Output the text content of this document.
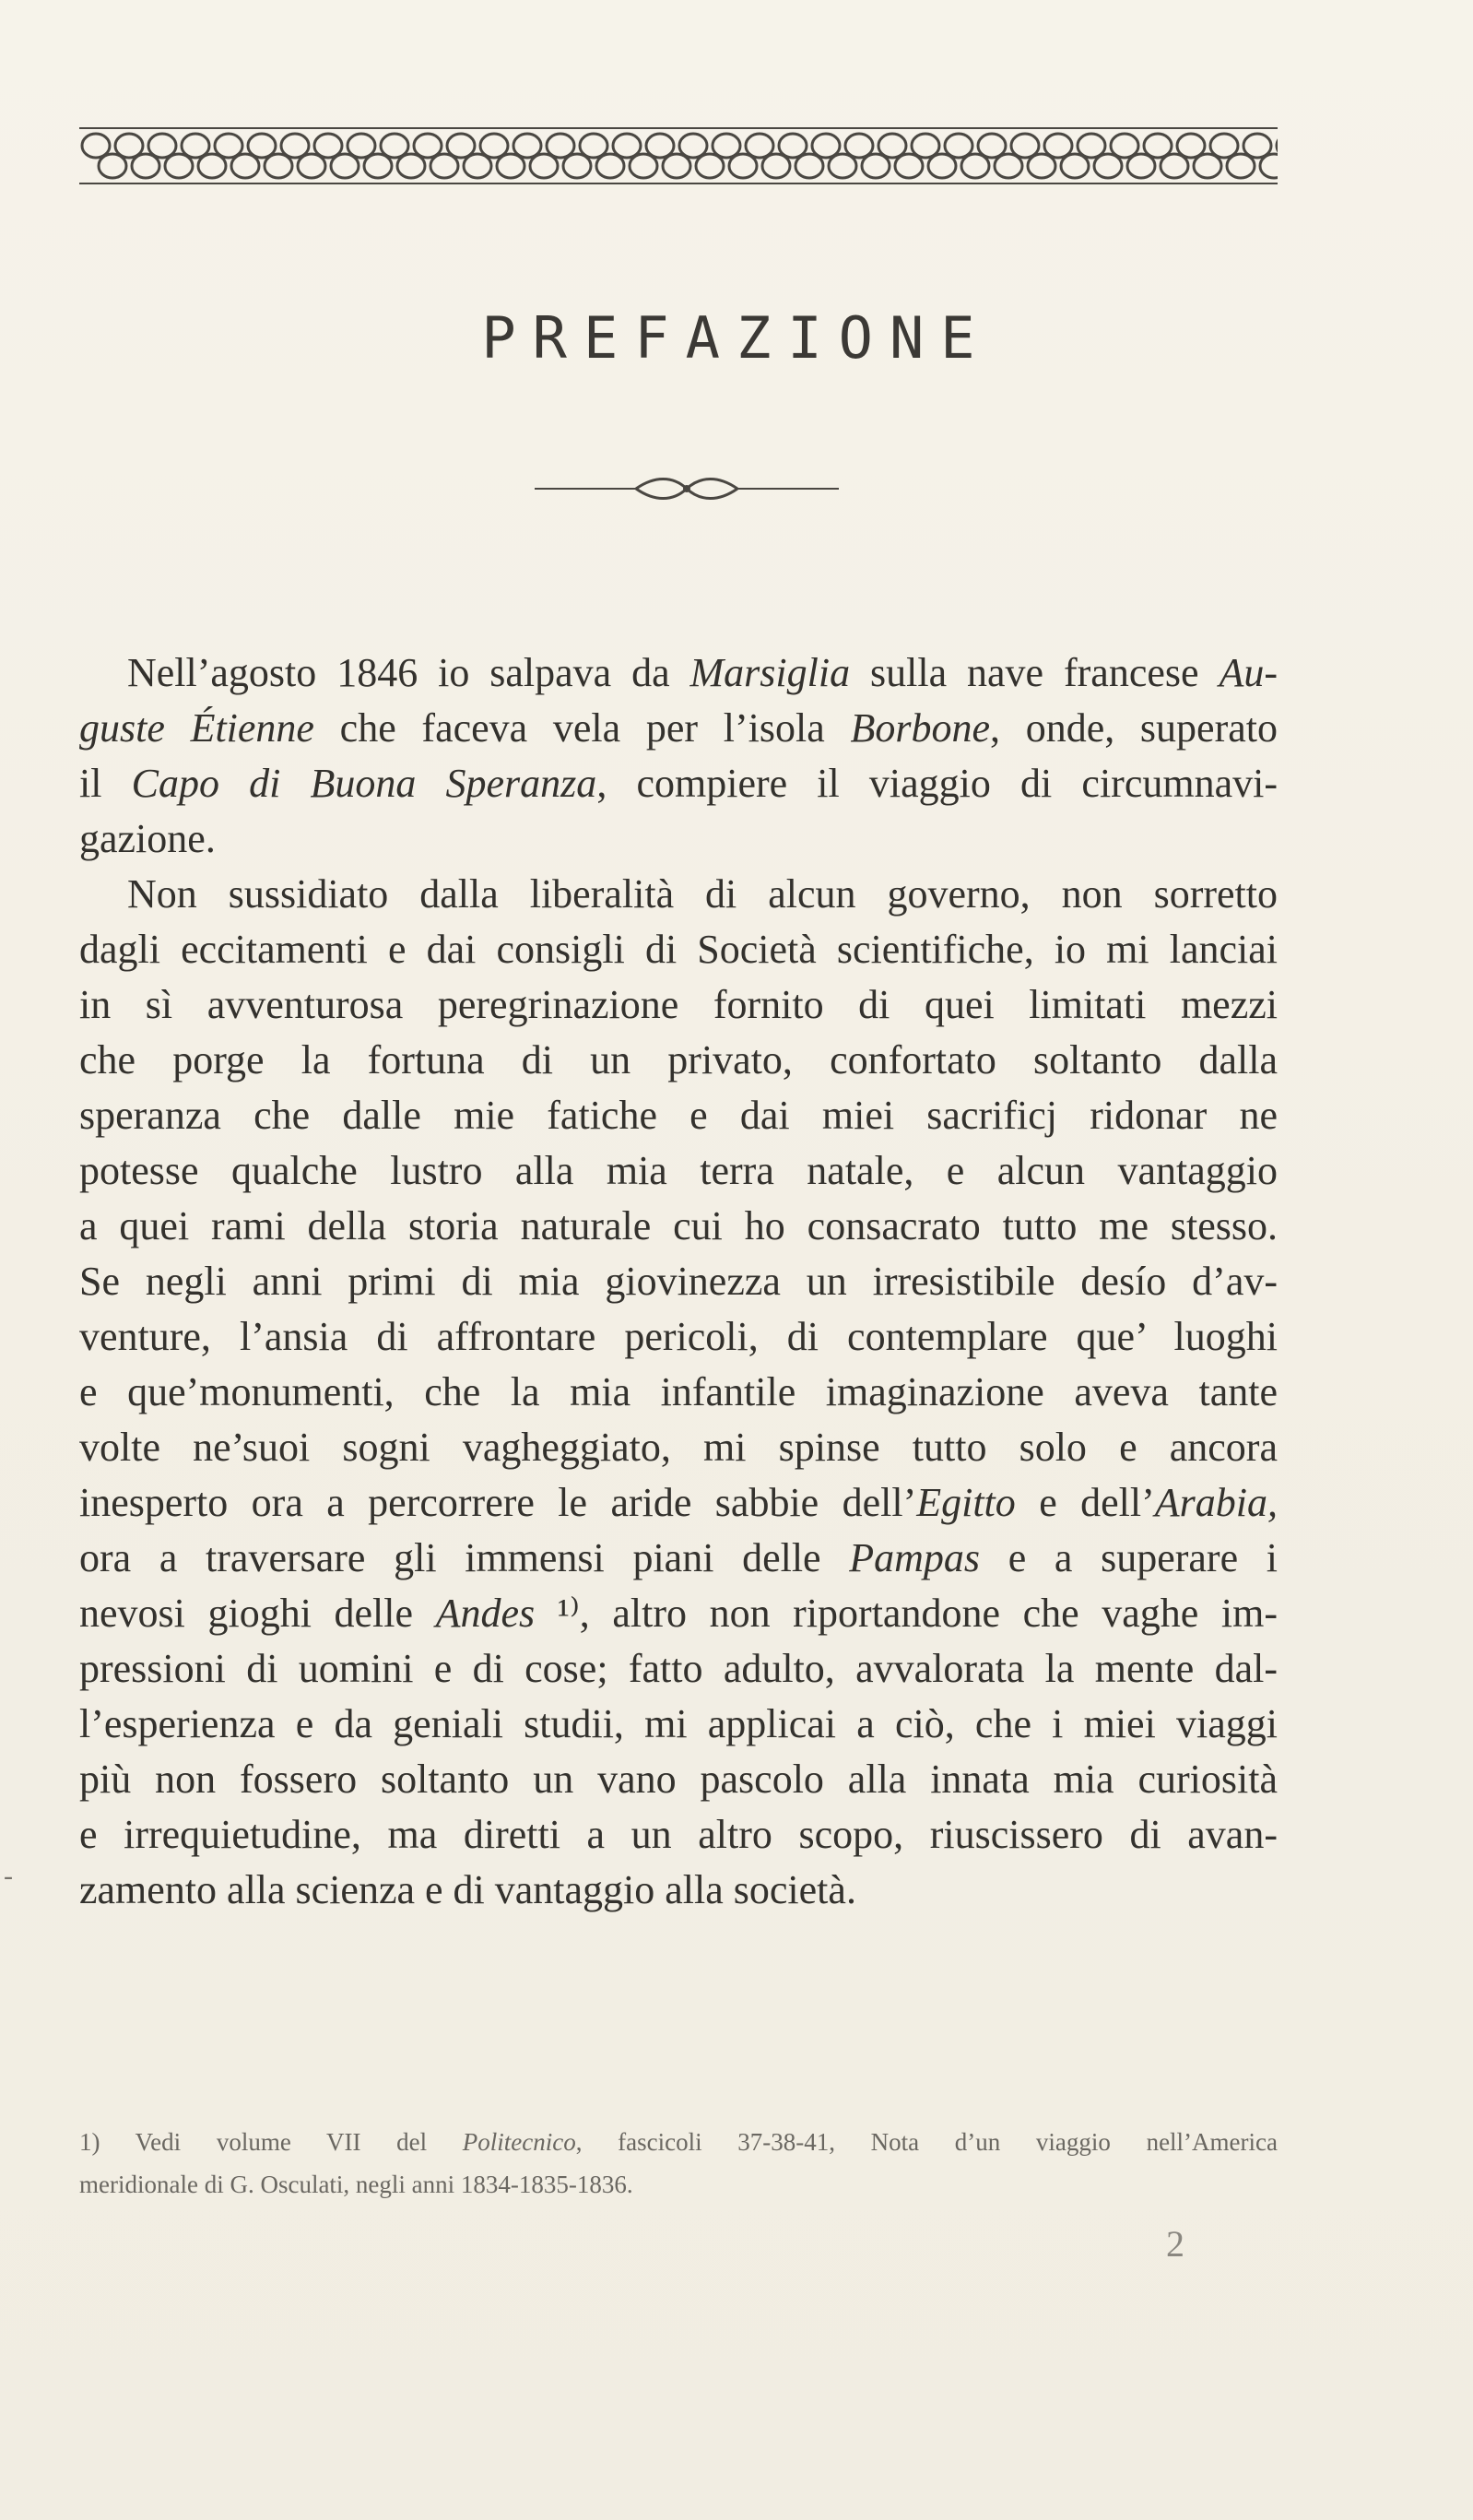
PREFAZIONE

Nell’agosto 1846 io salpava da Marsiglia sulla nave francese Au-

guste Étienne che faceva vela per l’isola Borbone, onde, superato

il Capo di Buona Speranza, compiere il viaggio di circumnavi-

gazione.

Non sussidiato dalla liberalità di alcun governo, non sorretto

dagli eccitamenti e dai consigli di Società scientifiche, io mi lanciai

in sì avventurosa peregrinazione fornito di quei limitati mezzi

che porge la fortuna di un privato, confortato soltanto dalla

speranza che dalle mie fatiche e dai miei sacrificj ridonar ne

potesse qualche lustro alla mia terra natale, e alcun vantaggio

a quei rami della storia naturale cui ho consacrato tutto me stesso.

Se negli anni primi di mia giovinezza un irresistibile desío d’av-

venture, l’ansia di affrontare pericoli, di contemplare que’ luoghi

e que’monumenti, che la mia infantile imaginazione aveva tante

volte ne’suoi sogni vagheggiato, mi spinse tutto solo e ancora

inesperto ora a percorrere le aride sabbie dell’Egitto e dell’Arabia,

ora a traversare gli immensi piani delle Pampas e a superare i

nevosi gioghi delle Andes ¹⁾, altro non riportandone che vaghe im-

pressioni di uomini e di cose; fatto adulto, avvalorata la mente dal-

l’esperienza e da geniali studii, mi applicai a ciò, che i miei viaggi

più non fossero soltanto un vano pascolo alla innata mia curiosità

e irrequietudine, ma diretti a un altro scopo, riuscissero di avan-

zamento alla scienza e di vantaggio alla società.

1) Vedi volume VII del Politecnico, fascicoli 37-38-41, Nota d’un viaggio nell’America

meridionale di G. Osculati, negli anni 1834-1835-1836.

-

2
